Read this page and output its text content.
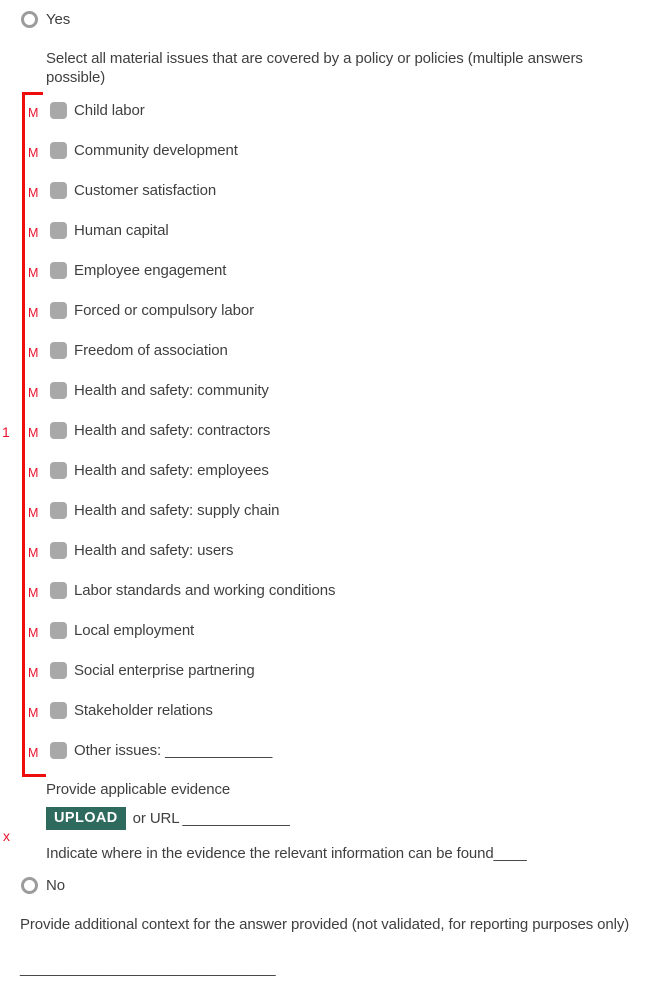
Yes
Select all material issues that are covered by a policy or policies (multiple answers possible)
1
M Child labor
M Community development
M Customer satisfaction
M Human capital
M Employee engagement
M Forced or compulsory labor
M Freedom of association
M Health and safety: community
M Health and safety: contractors
M Health and safety: employees
M Health and safety: supply chain
M Health and safety: users
M Labor standards and working conditions
M Local employment
M Social enterprise partnering
M Stakeholder relations
M Other issues: _____________
Provide applicable evidence
UPLOAD	or URL _____________
x
Indicate where in the evidence the relevant information can be found____
No
Provide additional context for the answer provided (not validated, for reporting purposes only)
_______________________________
